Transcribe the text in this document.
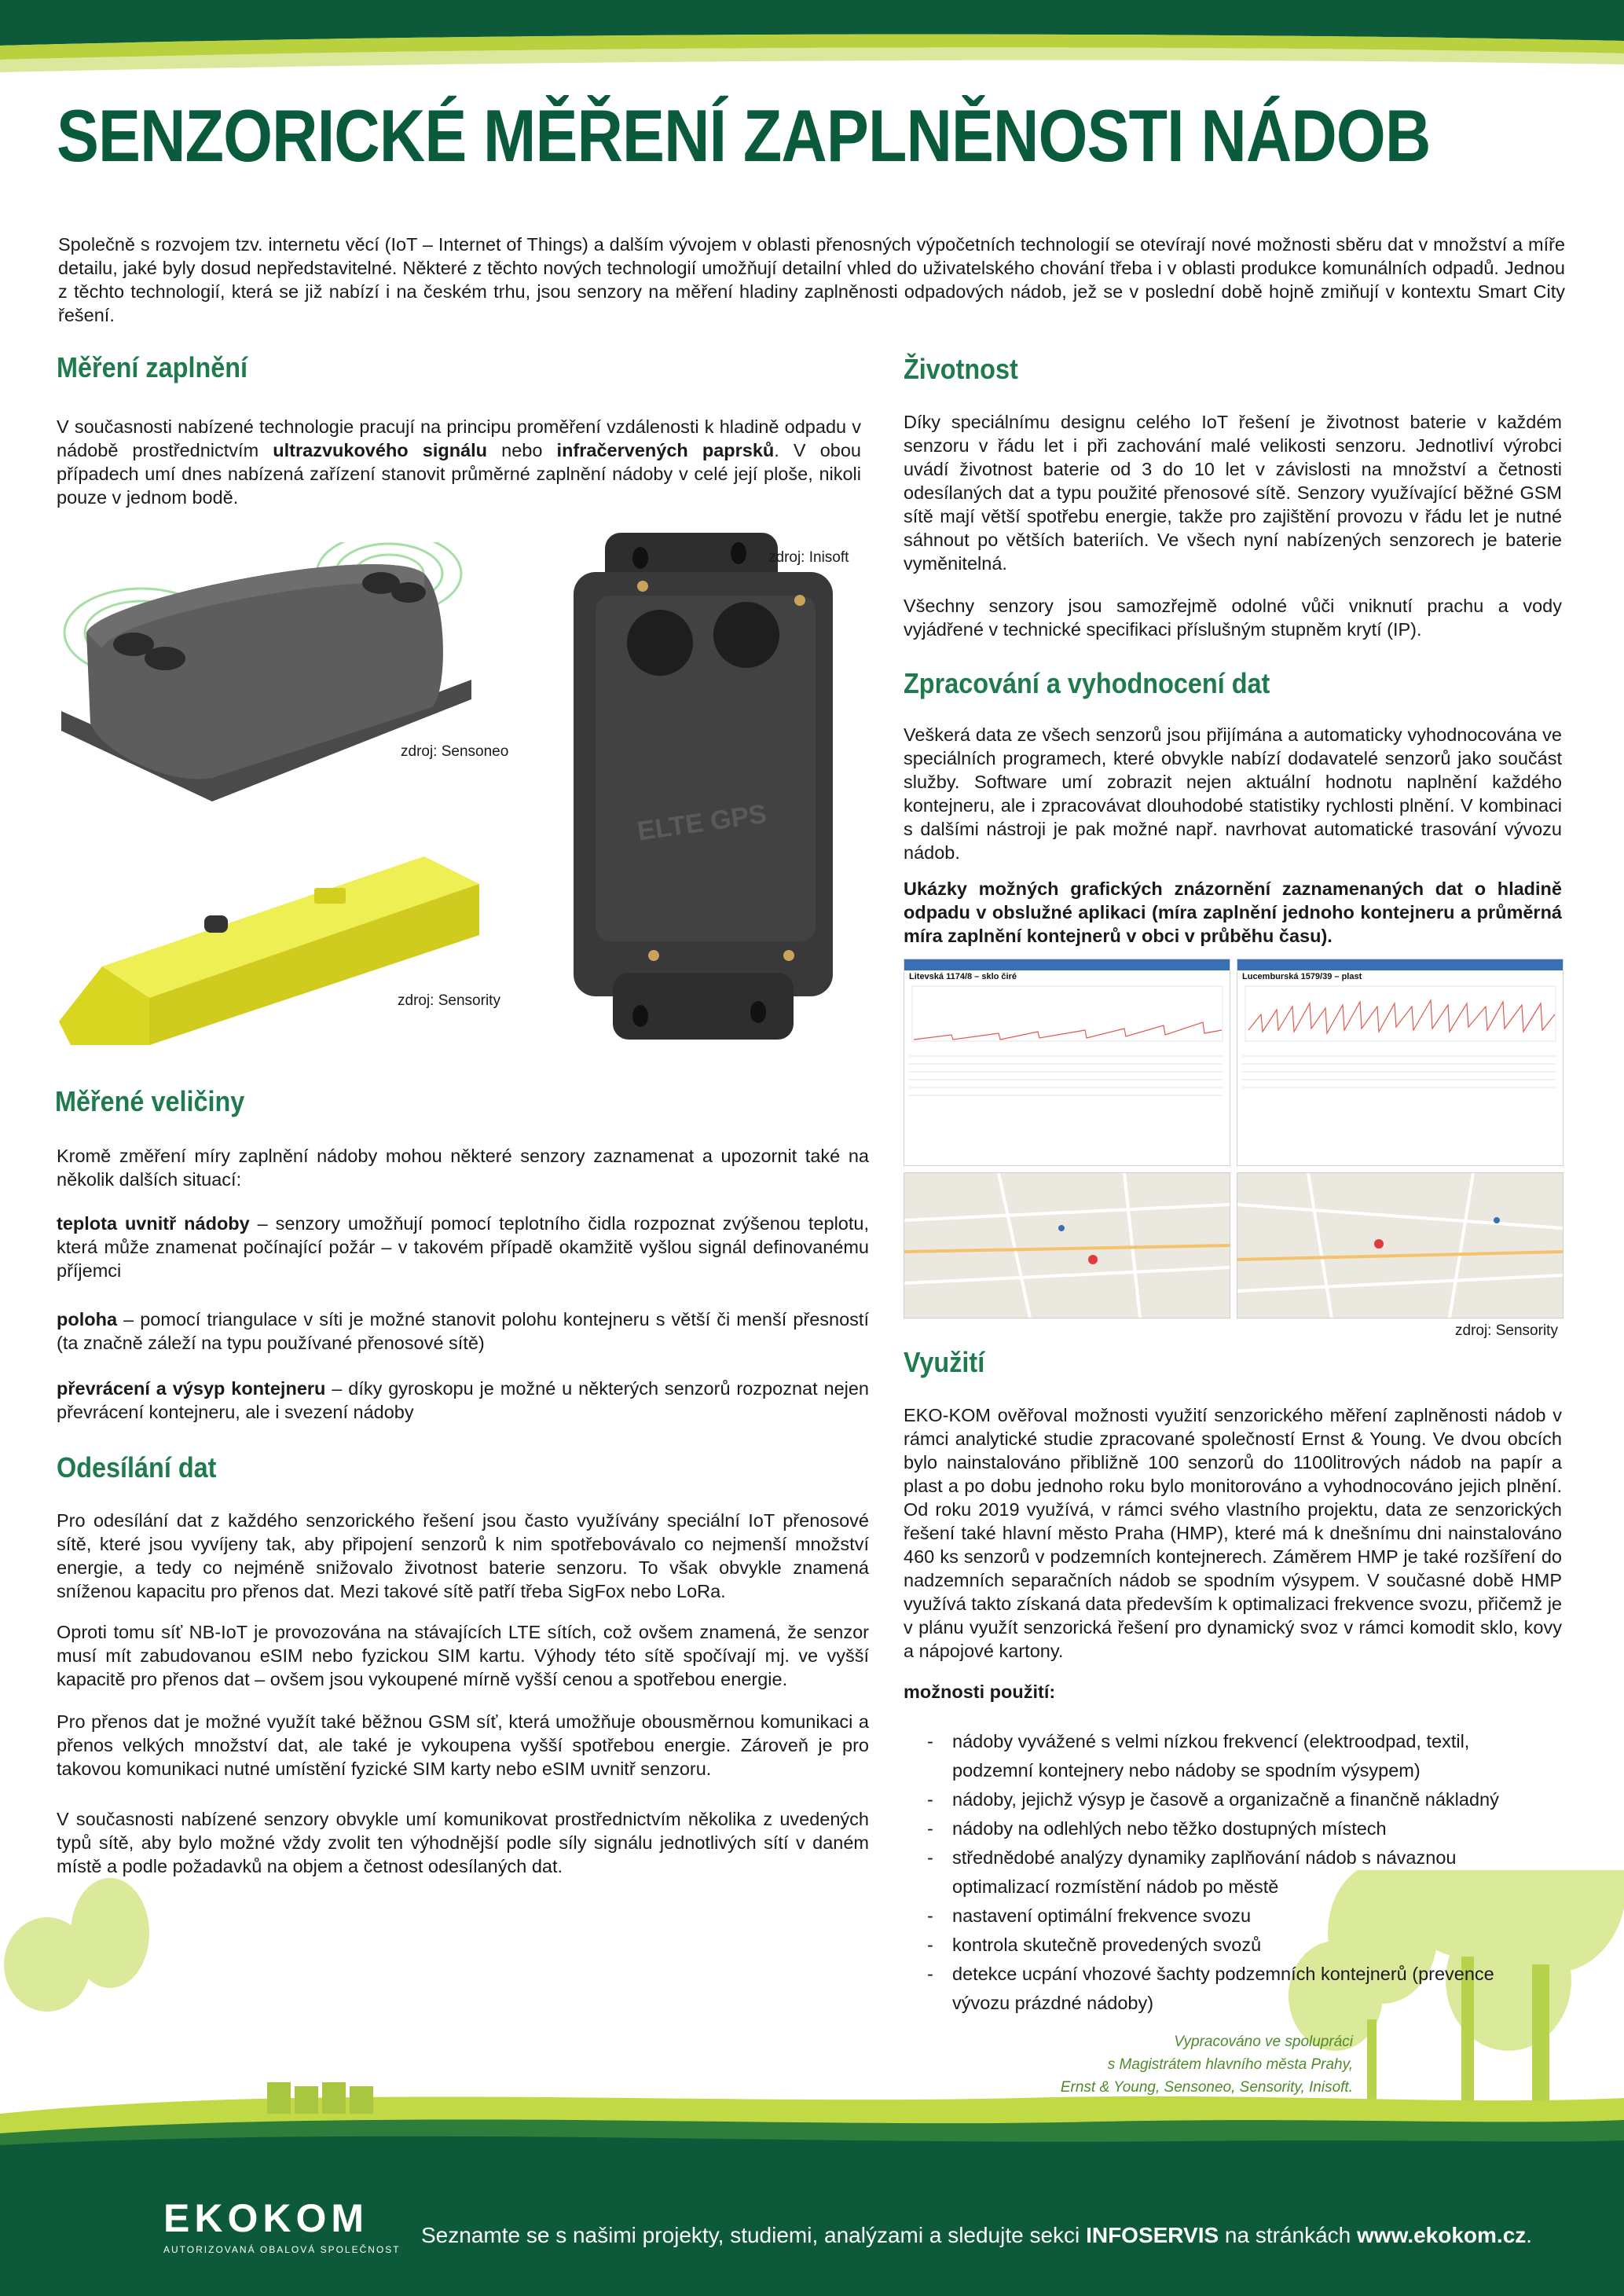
SENZORICKÉ MĚŘENÍ ZAPLNĚNOSTI NÁDOB
Společně s rozvojem tzv. internetu věcí (IoT – Internet of Things) a dalším vývojem v oblasti přenosných výpočetních technologií se otevírají nové možnosti sběru dat v množství a míře detailu, jaké byly dosud nepředstavitelné. Některé z těchto nových technologií umožňují detailní vhled do uživatelského chování třeba i v oblasti produkce komunálních odpadů. Jednou z těchto technologií, která se již nabízí i na českém trhu, jsou senzory na měření hladiny zaplněnosti odpadových nádob, jež se v poslední době hojně zmiňují v kontextu Smart City řešení.
Měření zaplnění
V současnosti nabízené technologie pracují na principu proměření vzdálenosti k hladině odpadu v nádobě prostřednictvím ultrazvukového signálu nebo infračervených paprsků. V obou případech umí dnes nabízená zařízení stanovit průměrné zaplnění nádoby v celé její ploše, nikoli pouze v jednom bodě.
zdroj: Sensoneo
zdroj: Sensority
ELTE GPS
zdroj: Inisoft
Měřené veličiny
Kromě změření míry zaplnění nádoby mohou některé senzory zaznamenat a upozornit také na několik dalších situací:
teplota uvnitř nádoby – senzory umožňují pomocí teplotního čidla rozpoznat zvýšenou teplotu, která může znamenat počínající požár – v takovém případě okamžitě vyšlou signál definovanému příjemci
poloha – pomocí triangulace v síti je možné stanovit polohu kontejneru s větší či menší přesností (ta značně záleží na typu používané přenosové sítě)
převrácení a výsyp kontejneru – díky gyroskopu je možné u některých senzorů rozpoznat nejen převrácení kontejneru, ale i svezení nádoby
Odesílání dat
Pro odesílání dat z každého senzorického řešení jsou často využívány speciální IoT přenosové sítě, které jsou vyvíjeny tak, aby připojení senzorů k nim spotřebovávalo co nejmenší množství energie, a tedy co nejméně snižovalo životnost baterie senzoru. To však obvykle znamená sníženou kapacitu pro přenos dat. Mezi takové sítě patří třeba SigFox nebo LoRa.
Oproti tomu síť NB-IoT je provozována na stávajících LTE sítích, což ovšem znamená, že senzor musí mít zabudovanou eSIM nebo fyzickou SIM kartu. Výhody této sítě spočívají mj. ve vyšší kapacitě pro přenos dat – ovšem jsou vykoupené mírně vyšší cenou a spotřebou energie.
Pro přenos dat je možné využít také běžnou GSM síť, která umožňuje obousměrnou komunikaci a přenos velkých množství dat, ale také je vykoupena vyšší spotřebou energie. Zároveň je pro takovou komunikaci nutné umístění fyzické SIM karty nebo eSIM uvnitř senzoru.
V současnosti nabízené senzory obvykle umí komunikovat prostřednictvím několika z uvedených typů sítě, aby bylo možné vždy zvolit ten výhodnější podle síly signálu jednotlivých sítí v daném místě a podle požadavků na objem a četnost odesílaných dat.
Životnost
Díky speciálnímu designu celého IoT řešení je životnost baterie v každém senzoru v řádu let i při zachování malé velikosti senzoru. Jednotliví výrobci uvádí životnost baterie od 3 do 10 let v závislosti na množství a četnosti odesílaných dat a typu použité přenosové sítě. Senzory využívající běžné GSM sítě mají větší spotřebu energie, takže pro zajištění provozu v řádu let je nutné sáhnout po větších bateriích. Ve všech nyní nabízených senzorech je baterie vyměnitelná.
Všechny senzory jsou samozřejmě odolné vůči vniknutí prachu a vody vyjádřené v technické specifikaci příslušným stupněm krytí (IP).
Zpracování a vyhodnocení dat
Veškerá data ze všech senzorů jsou přijímána a automaticky vyhodnocována ve speciálních programech, které obvykle nabízí dodavatelé senzorů jako součást služby. Software umí zobrazit nejen aktuální hodnotu naplnění každého kontejneru, ale i zpracovávat dlouhodobé statistiky rychlosti plnění. V kombinaci s dalšími nástroji je pak možné např. navrhovat automatické trasování vývozu nádob.
Ukázky možných grafických znázornění zaznamenaných dat o hladině odpadu v obslužné aplikaci (míra zaplnění jednoho kontejneru a průměrná míra zaplnění kontejnerů v obci v průběhu času).
Litevská 1174/8 – sklo čiré
	Lucemburská 1579/39 – plast

zdroj: Sensority
Využití
EKO-KOM ověřoval možnosti využití senzorického měření zaplněnosti nádob v rámci analytické studie zpracované společností Ernst & Young. Ve dvou obcích bylo nainstalováno přibližně 100 senzorů do 1100litrových nádob na papír a plast a po dobu jednoho roku bylo monitorováno a vyhodnocováno jejich plnění. Od roku 2019 využívá, v rámci svého vlastního projektu, data ze senzorických řešení také hlavní město Praha (HMP), které má k dnešnímu dni nainstalováno 460 ks senzorů v podzemních kontejnerech. Záměrem HMP je také rozšíření do nadzemních separačních nádob se spodním výsypem. V současné době HMP využívá takto získaná data především k optimalizaci frekvence svozu, přičemž je v plánu využít senzorická řešení pro dynamický svoz v rámci komodit sklo, kovy a nápojové kartony.
možnosti použití:
- nádoby vyvážené s velmi nízkou frekvencí (elektroodpad, textil, podzemní kontejnery nebo nádoby se spodním výsypem)
- nádoby, jejichž výsyp je časově a organizačně a finančně nákladný
- nádoby na odlehlých nebo těžko dostupných místech
- střednědobé analýzy dynamiky zaplňování nádob s návaznou optimalizací rozmístění nádob po městě
- nastavení optimální frekvence svozu
- kontrola skutečně provedených svozů
- detekce ucpání vhozové šachty podzemních kontejnerů (prevence vývozu prázdné nádoby)
Vypracováno ve spolupráci
s Magistrátem hlavního města Prahy,
Ernst & Young, Sensoneo, Sensority, Inisoft.
EKOKOM
AUTORIZOVANÁ OBALOVÁ SPOLEČNOST
Seznamte se s našimi projekty, studiemi, analýzami a sledujte sekci INFOSERVIS na stránkách www.ekokom.cz.
